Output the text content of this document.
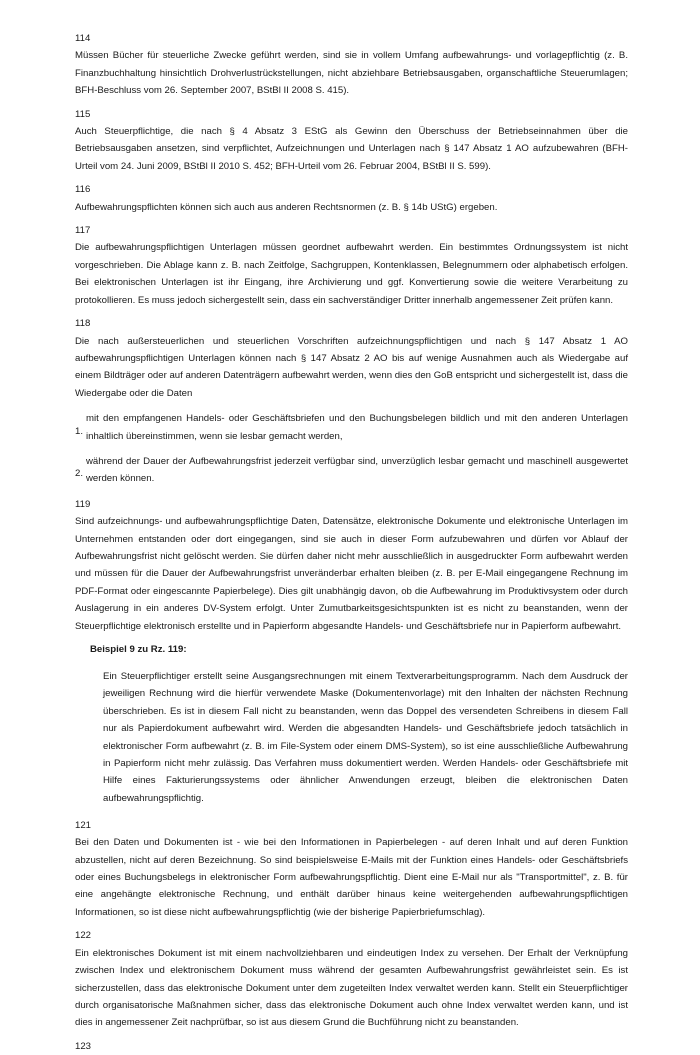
114

Müssen Bücher für steuerliche Zwecke geführt werden, sind sie in vollem Umfang aufbewahrungs- und vorlagepflichtig (z. B. Finanzbuchhaltung hinsichtlich Drohverlustrückstellungen, nicht abziehbare Betriebsausgaben, organschaftliche Steuerumlagen; BFH-Beschluss vom 26. September 2007, BStBl II 2008 S. 415).

115

Auch Steuerpflichtige, die nach § 4 Absatz 3 EStG als Gewinn den Überschuss der Betriebseinnahmen über die Betriebsausgaben ansetzen, sind verpflichtet, Aufzeichnungen und Unterlagen nach § 147 Absatz 1 AO aufzubewahren (BFH-Urteil vom 24. Juni 2009, BStBl II 2010 S. 452; BFH-Urteil vom 26. Februar 2004, BStBl II S. 599).

116

Aufbewahrungspflichten können sich auch aus anderen Rechtsnormen (z. B. § 14b UStG) ergeben.

117

Die aufbewahrungspflichtigen Unterlagen müssen geordnet aufbewahrt werden. Ein bestimmtes Ordnungssystem ist nicht vorgeschrieben. Die Ablage kann z. B. nach Zeitfolge, Sachgruppen, Kontenklassen, Belegnummern oder alphabetisch erfolgen. Bei elektronischen Unterlagen ist ihr Eingang, ihre Archivierung und ggf. Konvertierung sowie die weitere Verarbeitung zu protokollieren. Es muss jedoch sichergestellt sein, dass ein sachverständiger Dritter innerhalb angemessener Zeit prüfen kann.

118

Die nach außersteuerlichen und steuerlichen Vorschriften aufzeichnungspflichtigen und nach § 147 Absatz 1 AO aufbewahrungspflichtigen Unterlagen können nach § 147 Absatz 2 AO bis auf wenige Ausnahmen auch als Wiedergabe auf einem Bildträger oder auf anderen Datenträgern aufbewahrt werden, wenn dies den GoB entspricht und sichergestellt ist, dass die Wiedergabe oder die Daten

1.
mit den empfangenen Handels- oder Geschäftsbriefen und den Buchungsbelegen bildlich und mit den anderen Unterlagen inhaltlich übereinstimmen, wenn sie lesbar gemacht werden,
2.
während der Dauer der Aufbewahrungsfrist jederzeit verfügbar sind, unverzüglich lesbar gemacht und maschinell ausgewertet werden können.

119

Sind aufzeichnungs- und aufbewahrungspflichtige Daten, Datensätze, elektronische Dokumente und elektronische Unterlagen im Unternehmen entstanden oder dort eingegangen, sind sie auch in dieser Form aufzubewahren und dürfen vor Ablauf der Aufbewahrungsfrist nicht gelöscht werden. Sie dürfen daher nicht mehr ausschließlich in ausgedruckter Form aufbewahrt werden und müssen für die Dauer der Aufbewahrungsfrist unveränderbar erhalten bleiben (z. B. per E-Mail eingegangene Rechnung im PDF-Format oder eingescannte Papierbelege). Dies gilt unabhängig davon, ob die Aufbewahrung im Produktivsystem oder durch Auslagerung in ein anderes DV-System erfolgt. Unter Zumutbarkeitsgesichtspunkten ist es nicht zu beanstanden, wenn der Steuerpflichtige elektronisch erstellte und in Papierform abgesandte Handels- und Geschäftsbriefe nur in Papierform aufbewahrt.

Beispiel 9 zu Rz. 119:

Ein Steuerpflichtiger erstellt seine Ausgangsrechnungen mit einem Textverarbeitungsprogramm. Nach dem Ausdruck der jeweiligen Rechnung wird die hierfür verwendete Maske (Dokumentenvorlage) mit den Inhalten der nächsten Rechnung überschrieben. Es ist in diesem Fall nicht zu beanstanden, wenn das Doppel des versendeten Schreibens in diesem Fall nur als Papierdokument aufbewahrt wird. Werden die abgesandten Handels- und Geschäftsbriefe jedoch tatsächlich in elektronischer Form aufbewahrt (z. B. im File-System oder einem DMS-System), so ist eine ausschließliche Aufbewahrung in Papierform nicht mehr zulässig. Das Verfahren muss dokumentiert werden. Werden Handels- oder Geschäftsbriefe mit Hilfe eines Fakturierungssystems oder ähnlicher Anwendungen erzeugt, bleiben die elektronischen Daten aufbewahrungspflichtig.

121

Bei den Daten und Dokumenten ist - wie bei den Informationen in Papierbelegen - auf deren Inhalt und auf deren Funktion abzustellen, nicht auf deren Bezeichnung. So sind beispielsweise E-Mails mit der Funktion eines Handels- oder Geschäftsbriefs oder eines Buchungsbelegs in elektronischer Form aufbewahrungspflichtig. Dient eine E-Mail nur als "Transportmittel", z. B. für eine angehängte elektronische Rechnung, und enthält darüber hinaus keine weitergehenden aufbewahrungspflichtigen Informationen, so ist diese nicht aufbewahrungspflichtig (wie der bisherige Papierbriefumschlag).

122

Ein elektronisches Dokument ist mit einem nachvollziehbaren und eindeutigen Index zu versehen. Der Erhalt der Verknüpfung zwischen Index und elektronischem Dokument muss während der gesamten Aufbewahrungsfrist gewährleistet sein. Es ist sicherzustellen, dass das elektronische Dokument unter dem zugeteilten Index verwaltet werden kann. Stellt ein Steuerpflichtiger durch organisatorische Maßnahmen sicher, dass das elektronische Dokument auch ohne Index verwaltet werden kann, und ist dies in angemessener Zeit nachprüfbar, so ist aus diesem Grund die Buchführung nicht zu beanstanden.

123
